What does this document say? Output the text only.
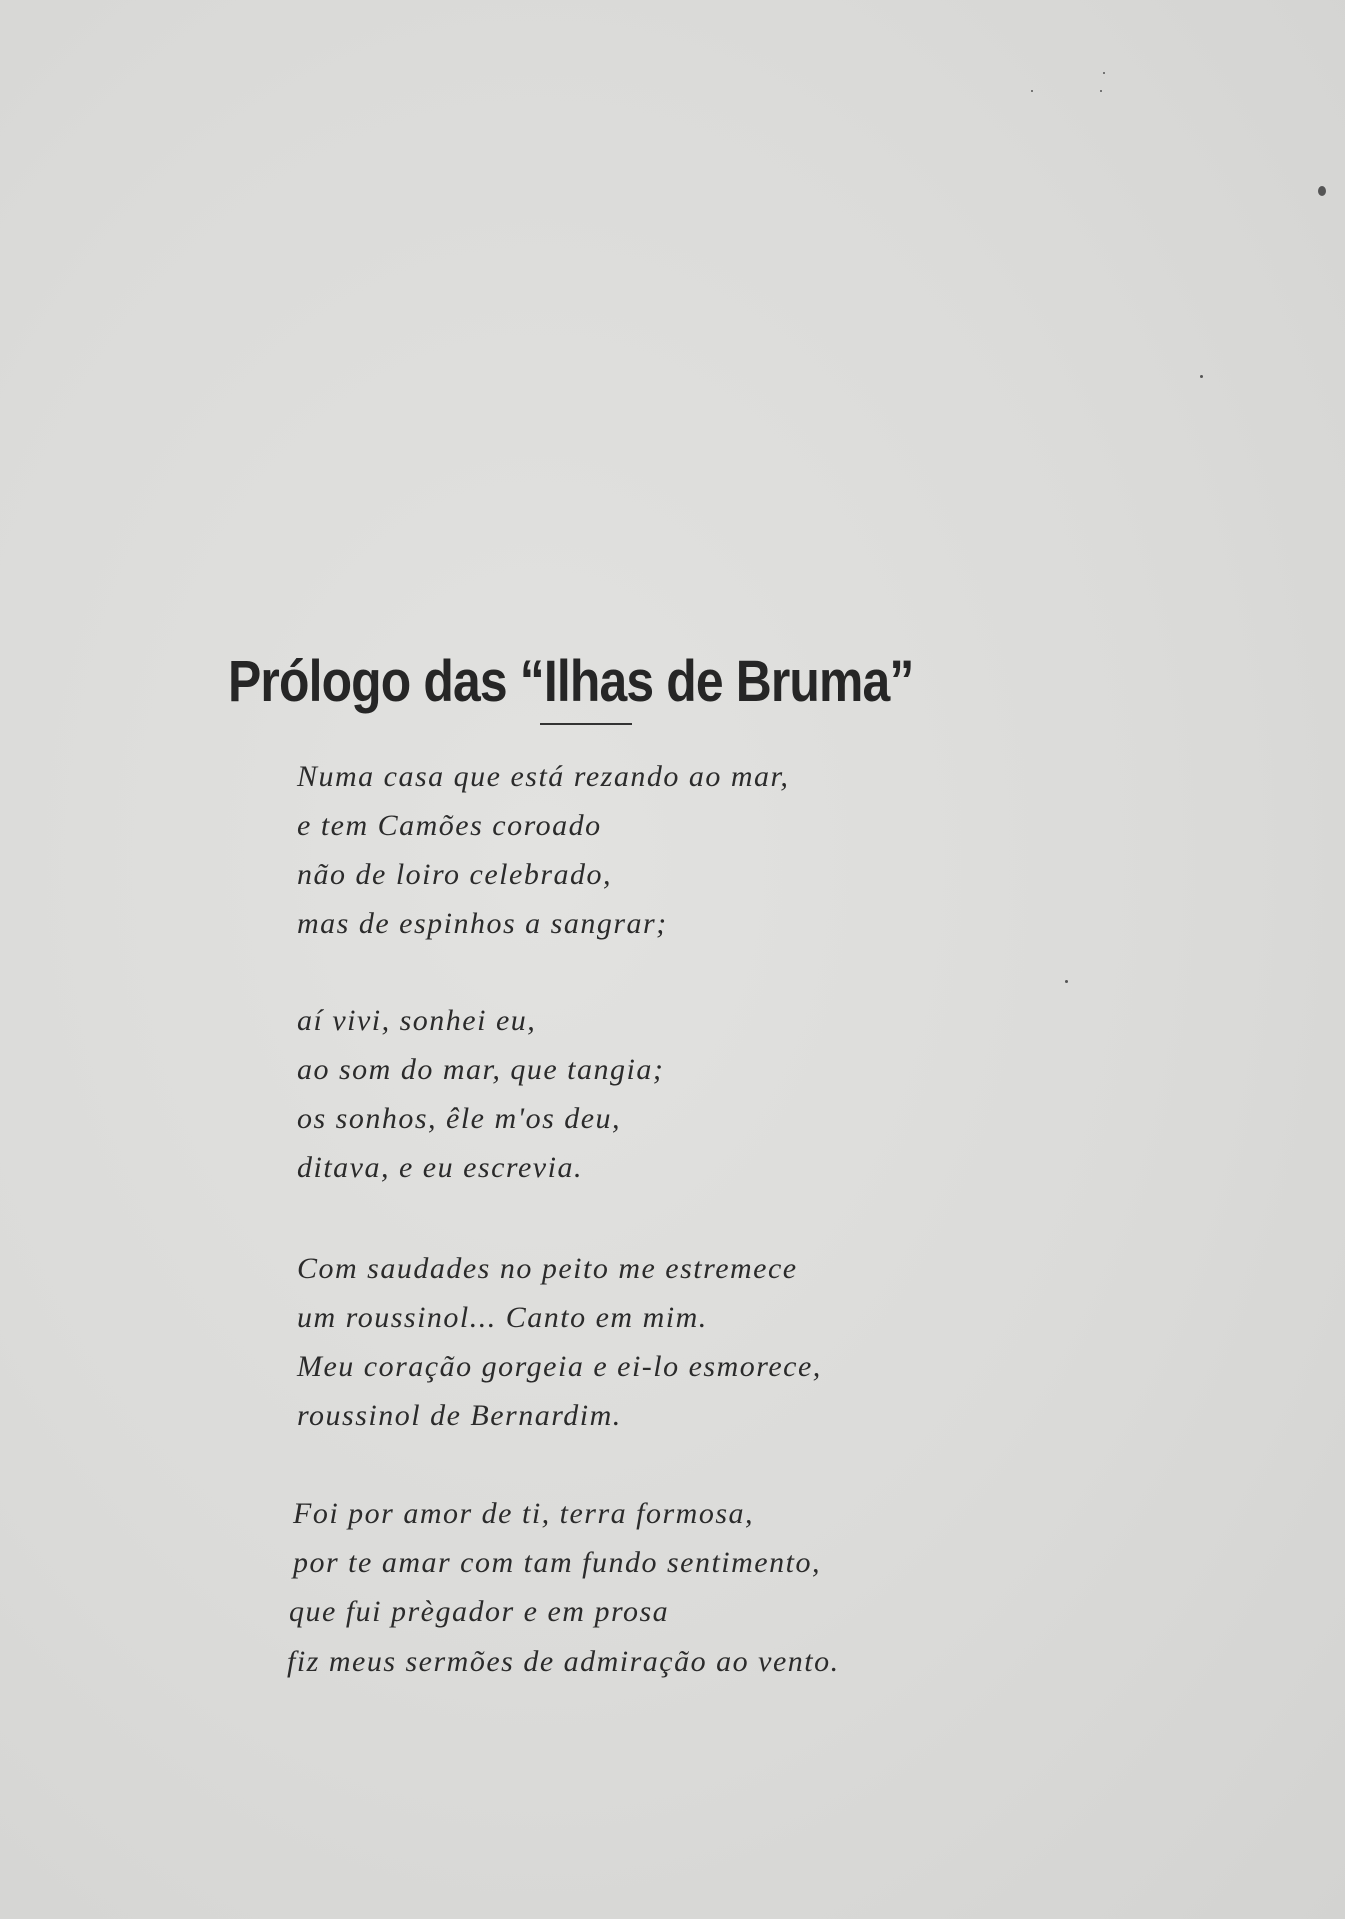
Prólogo das “Ilhas de Bruma”
Numa casa que está rezando ao mar,
e tem Camões coroado
não de loiro celebrado,
mas de espinhos a sangrar;
aí vivi, sonhei eu,
ao som do mar, que tangia;
os sonhos, êle m'os deu,
ditava, e eu escrevia.
Com saudades no peito me estremece
um roussinol... Canto em mim.
Meu coração gorgeia e ei-lo esmorece,
roussinol de Bernardim.
Foi por amor de ti, terra formosa,
por te amar com tam fundo sentimento,
que fui prègador e em prosa
fiz meus sermões de admiração ao vento.
